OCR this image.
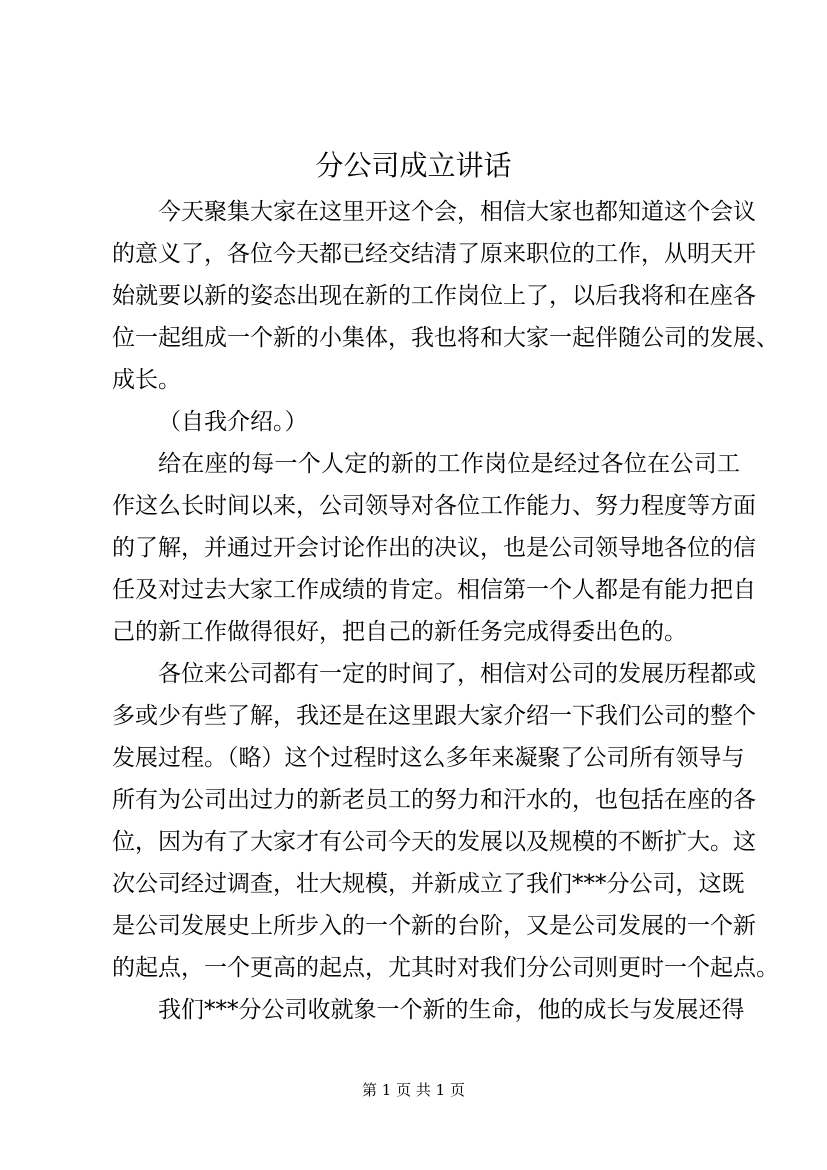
分公司成立讲话

今天聚集大家在这里开这个会，相信大家也都知道这个会议

的意义了，各位今天都已经交结清了原来职位的工作，从明天开

始就要以新的姿态出现在新的工作岗位上了，以后我将和在座各

位一起组成一个新的小集体，我也将和大家一起伴随公司的发展、

成长。

（自我介绍。）

给在座的每一个人定的新的工作岗位是经过各位在公司工

作这么长时间以来，公司领导对各位工作能力、努力程度等方面

的了解，并通过开会讨论作出的决议，也是公司领导地各位的信

任及对过去大家工作成绩的肯定。相信第一个人都是有能力把自

己的新工作做得很好，把自己的新任务完成得委出色的。

各位来公司都有一定的时间了，相信对公司的发展历程都或

多或少有些了解，我还是在这里跟大家介绍一下我们公司的整个

发展过程。（略）这个过程时这么多年来凝聚了公司所有领导与

所有为公司出过力的新老员工的努力和汗水的，也包括在座的各

位，因为有了大家才有公司今天的发展以及规模的不断扩大。这

次公司经过调查，壮大规模，并新成立了我们***分公司，这既

是公司发展史上所步入的一个新的台阶，又是公司发展的一个新

的起点，一个更高的起点，尤其时对我们分公司则更时一个起点。

我们***分公司收就象一个新的生命，他的成长与发展还得

第 1 页 共 1 页
